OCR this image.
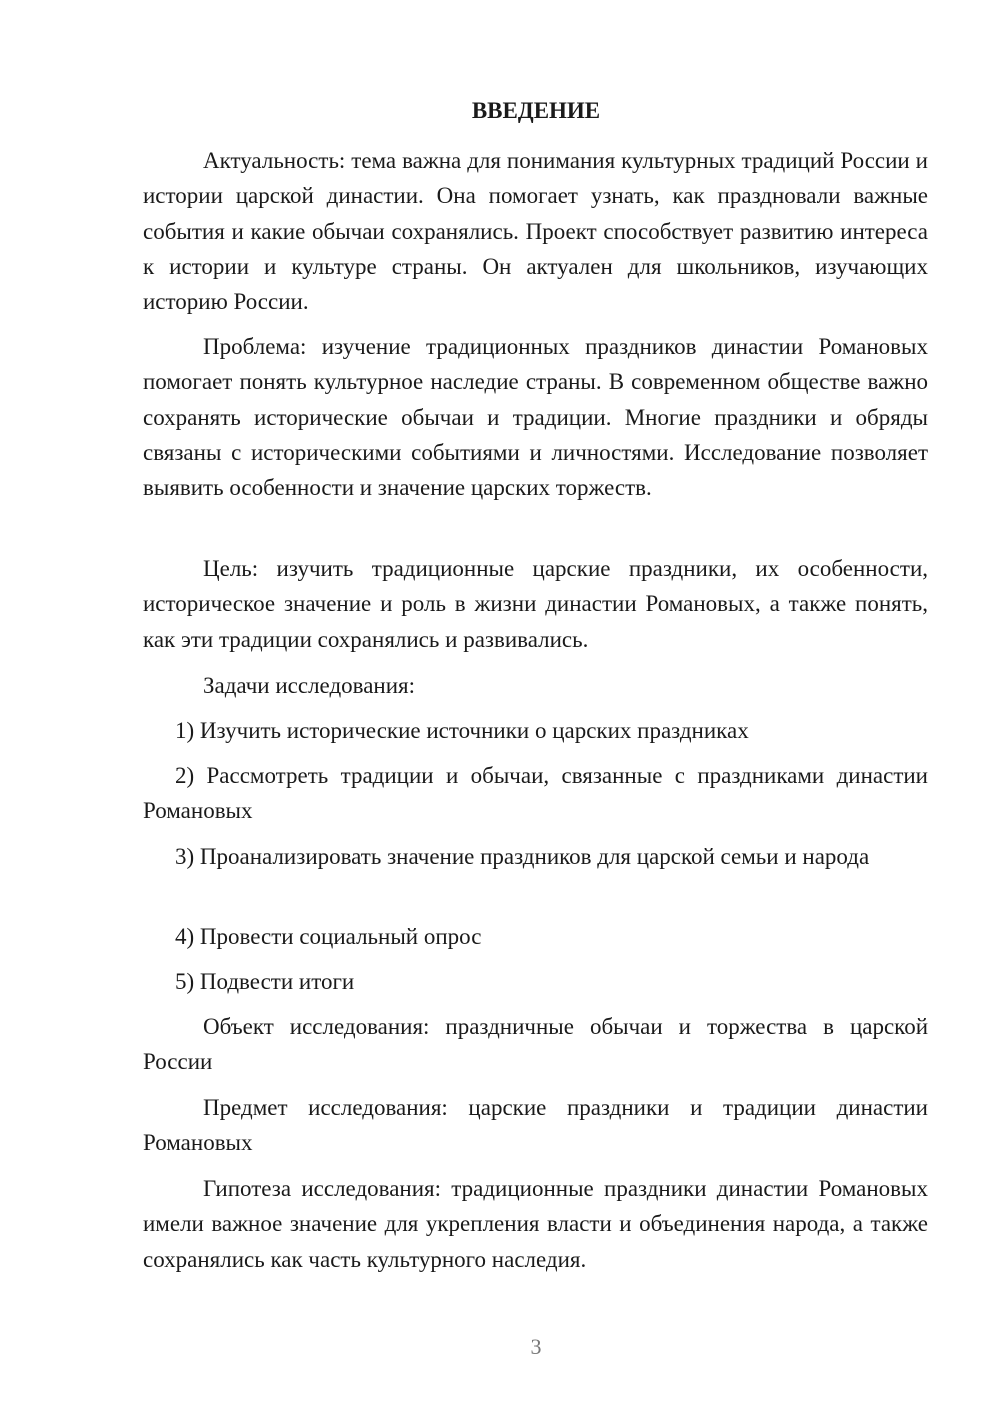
ВВЕДЕНИЕ

Актуальность: тема важна для понимания культурных традиций России и истории царской династии. Она помогает узнать, как праздновали важные события и какие обычаи сохранялись. Проект способствует развитию интереса к истории и культуре страны. Он актуален для школьников, изучающих историю России.

Проблема: изучение традиционных праздников династии Романовых помогает понять культурное наследие страны. В современном обществе важно сохранять исторические обычаи и традиции. Многие праздники и обряды связаны с историческими событиями и личностями. Исследование позволяет выявить особенности и значение царских торжеств.

Цель: изучить традиционные царские праздники, их особенности, историческое значение и роль в жизни династии Романовых, а также понять, как эти традиции сохранялись и развивались.

Задачи исследования:

1) Изучить исторические источники о царских праздниках

2) Рассмотреть традиции и обычаи, связанные с праздниками династии Романовых

3) Проанализировать значение праздников для царской семьи и народа

4) Провести социальный опрос

5) Подвести итоги

Объект исследования: праздничные обычаи и торжества в царской России

Предмет исследования: царские праздники и традиции династии Романовых

Гипотеза исследования: традиционные праздники династии Романовых имели важное значение для укрепления власти и объединения народа, а также сохранялись как часть культурного наследия.

3
